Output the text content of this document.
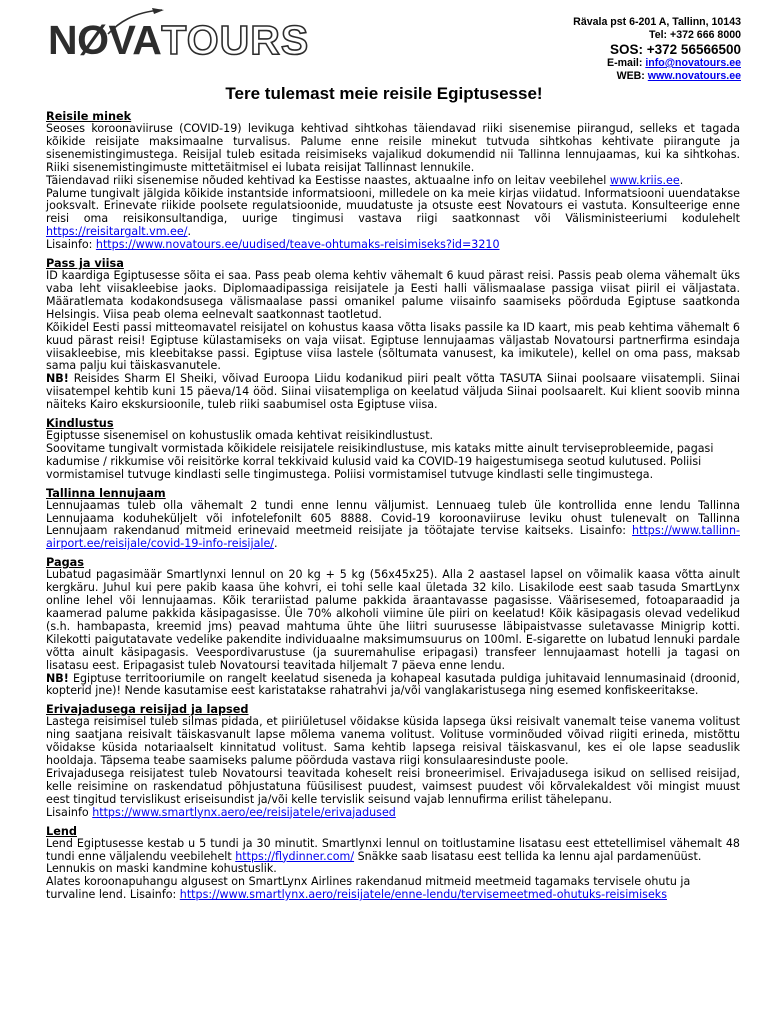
NØVATOURS	Rävala pst 6-201 A, Tallinn, 10143
Tel: +372 666 8000
SOS: +372 56566500
E-mail: info@novatours.ee
WEB: www.novatours.ee
Tere tulemast meie reisile Egiptusesse!
Reisile minek

Seoses koroonaviiruse (COVID-19) levikuga kehtivad sihtkohas täiendavad riiki sisenemise piirangud, selleks et tagada kõikide reisijate maksimaalne turvalisus. Palume enne reisile minekut tutvuda sihtkohas kehtivate piirangute ja sisenemistingimustega. Reisijal tuleb esitada reisimiseks vajalikud dokumendid nii Tallinna lennujaamas, kui ka sihtkohas. Riiki sisenemistingimuste mittetäitmisel ei lubata reisijat Tallinnast lennukile.

Täiendavad riiki sisenemise nõuded kehtivad ka Eestisse naastes, aktuaalne info on leitav veebilehel www.kriis.ee.

Palume tungivalt jälgida kõikide instantside informatsiooni, milledele on ka meie kirjas viidatud. Informatsiooni uuendatakse jooksvalt. Erinevate riikide poolsete regulatsioonide, muudatuste ja otsuste eest Novatours ei vastuta. Konsulteerige enne reisi oma reisikonsultandiga, uurige tingimusi vastava riigi saatkonnast või Välisministeeriumi kodulehelt https://reisitargalt.vm.ee/.

Lisainfo: https://www.novatours.ee/uudised/teave-ohtumaks-reisimiseks?id=3210

Pass ja viisa

ID kaardiga Egiptusesse sõita ei saa. Pass peab olema kehtiv vähemalt 6 kuud pärast reisi. Passis peab olema vähemalt üks vaba leht viisakleebise jaoks. Diplomaadipassiga reisijatele ja Eesti halli välismaalase passiga viisat piiril ei väljastata. Määratlemata kodakondsusega välismaalase passi omanikel palume viisainfo saamiseks pöörduda Egiptuse saatkonda Helsingis. Viisa peab olema eelnevalt saatkonnast taotletud.

Kõikidel Eesti passi mitteomavatel reisijatel on kohustus kaasa võtta lisaks passile ka ID kaart, mis peab kehtima vähemalt 6 kuud pärast reisi! Egiptuse külastamiseks on vaja viisat. Egiptuse lennujaamas väljastab Novatoursi partnerfirma esindaja viisakleebise, mis kleebitakse passi. Egiptuse viisa lastele (sõltumata vanusest, ka imikutele), kellel on oma pass, maksab sama palju kui täiskasvanutele.

NB! Reisides Sharm El Sheiki, võivad Euroopa Liidu kodanikud piiri pealt võtta TASUTA Siinai poolsaare viisatempli. Siinai viisatempel kehtib kuni 15 päeva/14 ööd. Siinai viisatempliga on keelatud väljuda Siinai poolsaarelt. Kui klient soovib minna näiteks Kairo ekskursioonile, tuleb riiki saabumisel osta Egiptuse viisa.

Kindlustus

Egiptusse sisenemisel on kohustuslik omada kehtivat reisikindlustust.

Soovitame tungivalt vormistada kõikidele reisijatele reisikindlustuse, mis kataks mitte ainult terviseprobleemide, pagasi kadumise / rikkumise või reisitörke korral tekkivaid kulusid vaid ka COVID-19 haigestumisega seotud kulutused. Poliisi vormistamisel tutvuge kindlasti selle tingimustega. Poliisi vormistamisel tutvuge kindlasti selle tingimustega.

Tallinna lennujaam

Lennujaamas tuleb olla vähemalt 2 tundi enne lennu väljumist. Lennuaeg tuleb üle kontrollida enne lendu Tallinna Lennujaama koduheküljelt või infotelefonilt 605 8888. Covid-19 koroonaviiruse leviku ohust tulenevalt on Tallinna Lennujaam rakendanud mitmeid erinevaid meetmeid reisijate ja töötajate tervise kaitseks. Lisainfo: https://www.tallinn-airport.ee/reisijale/covid-19-info-reisijale/.

Pagas

Lubatud pagasimäär Smartlynxi lennul on 20 kg + 5 kg (56x45x25). Alla 2 aastasel lapsel on võimalik kaasa võtta ainult kergkäru. Juhul kui pere pakib kaasa ühe kohvri, ei tohi selle kaal ületada 32 kilo. Lisakilode eest saab tasuda SmartLynx online lehel või lennujaamas. Kõik terariistad palume pakkida äraantavasse pagasisse. Väärisesemed, fotoaparaadid ja kaamerad palume pakkida käsipagasisse. Üle 70% alkoholi viimine üle piiri on keelatud! Kõik käsipagasis olevad vedelikud (s.h. hambapasta, kreemid jms) peavad mahtuma ühte ühe liitri suurusesse läbipaistvasse suletavasse Minigrip kotti. Kilekotti paigutatavate vedelike pakendite individuaalne maksimumsuurus on 100ml. E-sigarette on lubatud lennuki pardale võtta ainult käsipagasis. Veespordivarustuse (ja suuremahulise eripagasi) transfeer lennujaamast hotelli ja tagasi on lisatasu eest. Eripagasist tuleb Novatoursi teavitada hiljemalt 7 päeva enne lendu.

NB! Egiptuse territooriumile on rangelt keelatud siseneda ja kohapeal kasutada puldiga juhitavaid lennumasinaid (droonid, kopterid jne)! Nende kasutamise eest karistatakse rahatrahvi ja/või vanglakaristusega ning esemed konfiskeeritakse.

Erivajadusega reisijad ja lapsed

Lastega reisimisel tuleb silmas pidada, et piiriületusel võidakse küsida lapsega üksi reisivalt vanemalt teise vanema volitust ning saatjana reisivalt täiskasvanult lapse mõlema vanema volitust. Volituse vorminõuded võivad riigiti erineda, mistõttu võidakse küsida notariaalselt kinnitatud volitust. Sama kehtib lapsega reisival täiskasvanul, kes ei ole lapse seaduslik hooldaja. Täpsema teabe saamiseks palume pöörduda vastava riigi konsulaaresinduste poole.

Erivajadusega reisijatest tuleb Novatoursi teavitada koheselt reisi broneerimisel. Erivajadusega isikud on sellised reisijad, kelle reisimine on raskendatud põhjustatuna füüsilisest puudest, vaimsest puudest või kõrvalekaldest või mingist muust eest tingitud tervislikust eriseisundist ja/või kelle tervislik seisund vajab lennufirma erilist tähelepanu.

Lisainfo https://www.smartlynx.aero/ee/reisijatele/erivajadused

Lend

Lend Egiptusesse kestab u 5 tundi ja 30 minutit. Smartlynxi lennul on toitlustamine lisatasu eest ettetellimisel vähemalt 48 tundi enne väljalendu veebilehelt https://flydinner.com/ Snäkke saab lisatasu eest tellida ka lennu ajal pardamenüüst.

Lennukis on maski kandmine kohustuslik.

Alates koroonapuhangu algusest on SmartLynx Airlines rakendanud mitmeid meetmeid tagamaks tervisele ohutu ja turvaline lend. Lisainfo: https://www.smartlynx.aero/reisijatele/enne-lendu/tervisemeetmed-ohutuks-reisimiseks
